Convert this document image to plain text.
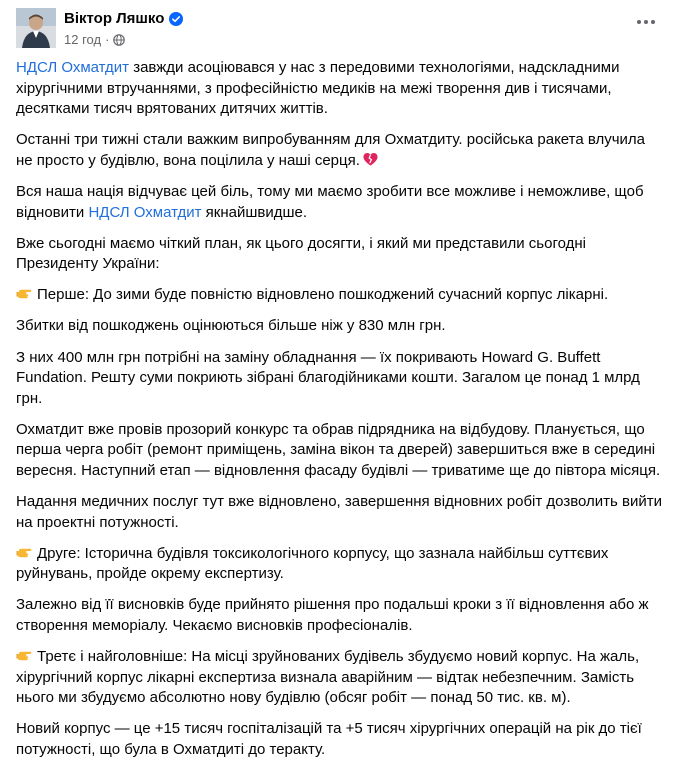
Віктор Ляшко
12 год ·

НДСЛ Охматдит завжди асоціювався у нас з передовими технологіями, надскладними хірургічними втручаннями, з професійністю медиків на межі творення див і тисячами, десятками тисяч врятованих дитячих життів.

Останні три тижні стали важким випробуванням для Охматдиту. російська ракета влучила не просто у будівлю, вона поцілила у наші серця.

Вся наша нація відчуває цей біль, тому ми маємо зробити все можливе і неможливе, щоб відновити НДСЛ Охматдит якнайшвидше.

Вже сьогодні маємо чіткий план, як цього досягти, і який ми представили сьогодні Президенту України:

Перше: До зими буде повністю відновлено пошкоджений сучасний корпус лікарні.

Збитки від пошкоджень оцінюються більше ніж у 830 млн грн.

З них 400 млн грн потрібні на заміну обладнання — їх покривають Howard G. Buffett Fundation. Решту суми покриють зібрані благодійниками кошти. Загалом це понад 1 млрд грн.

Охматдит вже провів прозорий конкурс та обрав підрядника на відбудову. Планується, що перша черга робіт (ремонт приміщень, заміна вікон та дверей) завершиться вже в середині вересня. Наступний етап — відновлення фасаду будівлі — триватиме ще до півтора місяця.

Надання медичних послуг тут вже відновлено, завершення відновних робіт дозволить вийти на проектні потужності.

Друге: Історична будівля токсикологічного корпусу, що зазнала найбільш суттєвих руйнувань, пройде окрему експертизу.

Залежно від її висновків буде прийнято рішення про подальші кроки з її відновлення або ж створення меморіалу. Чекаємо висновків професіоналів.

Третє і найголовніше: На місці зруйнованих будівель збудуємо новий корпус. На жаль, хірургічний корпус лікарні експертиза визнала аварійним — відтак небезпечним. Замість нього ми збудуємо абсолютно нову будівлю (обсяг робіт — понад 50 тис. кв. м).

Новий корпус — це +15 тисяч госпіталізацій та +5 тисяч хірургічних операцій на рік до тієї потужності, що була в Охматдиті до теракту.
